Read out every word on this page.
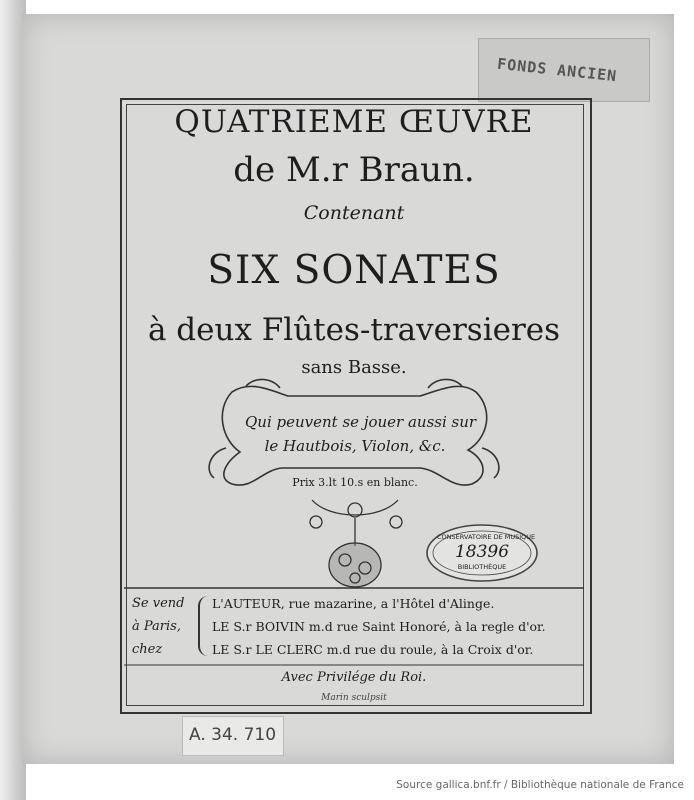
FONDS ANCIEN
QUATRIEME ŒUVRE
de M.r Braun.
Contenant
SIX SONATES
à deux Flûtes-traversieres
sans Basse.
Qui peuvent se jouer aussi sur
le Hautbois, Violon, &c.
Prix 3.lt 10.s en blanc.
CONSERVATOIRE DE MUSIQUE
18396
BIBLIOTHÈQUE
Se vend
à Paris,
chez
L'AUTEUR, rue mazarine, a l'Hôtel d'Alinge.
LE S.r BOIVIN m.d rue Saint Honoré, à la regle d'or.
LE S.r LE CLERC m.d rue du roule, à la Croix d'or.
Avec Privilége du Roi.
Marin sculpsit
A. 34. 710
Source gallica.bnf.fr / Bibliothèque nationale de France
